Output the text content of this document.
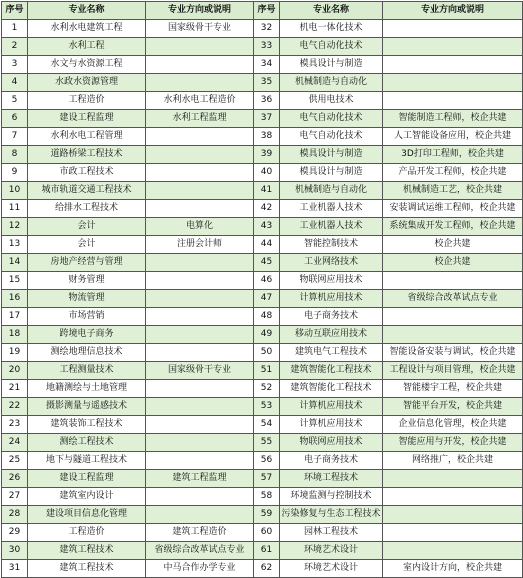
序号	专业名称	专业方向或说明	序号	专业名称	专业方向或说明
1	水利水电建筑工程	国家级骨干专业	32	机电一体化技术	
2	水利工程		33	电气自动化技术	
3	水文与水资源工程		34	模具设计与制造	
4	水政水资源管理		35	机械制造与自动化	
5	工程造价	水利水电工程造价	36	供用电技术	
6	建设工程监理	水利工程监理	37	电气自动化技术	智能制造工程师，校企共建
7	水利水电工程管理		38	电气自动化技术	人工智能设备应用，校企共建
8	道路桥梁工程技术		39	模具设计与制造	3D打印工程师，校企共建
9	市政工程技术		40	模具设计与制造	产品开发工程师，校企共建
10	城市轨道交通工程技术		41	机械制造与自动化	机械制造工艺，校企共建
11	给排水工程技术		42	工业机器人技术	安装调试运维工程师，校企共建
12	会计	电算化	43	工业机器人技术	系统集成开发工程师，校企共建
13	会计	注册会计师	44	智能控制技术	校企共建
14	房地产经营与管理		45	工业网络技术	校企共建
15	财务管理		46	物联网应用技术	
16	物流管理		47	计算机应用技术	省级综合改革试点专业
17	市场营销		48	电子商务技术	
18	跨境电子商务		49	移动互联应用技术	
19	测绘地理信息技术		50	建筑电气工程技术	智能设备安装与调试，校企共建
20	工程测量技术	国家级骨干专业	51	建筑智能化工程技术	工程设计与项目管理，校企共建
21	地籍测绘与土地管理		52	建筑智能化工程技术	智能楼宇工程，校企共建
22	摄影测量与遥感技术		53	计算机应用技术	智能平台开发，校企共建
23	建筑装饰工程技术		54	计算机应用技术	企业信息化管理，校企共建
24	测绘工程技术		55	物联网应用技术	智能应用与开发，校企共建
25	地下与隧道工程技术		56	电子商务技术	网络推广，校企共建
26	建设工程监理	建筑工程监理	57	环境工程技术	
27	建筑室内设计		58	环境监测与控制技术	
28	建设项目信息化管理		59	污染修复与生态工程技术	
29	工程造价	建筑工程造价	60	园林工程技术	
30	建筑工程技术	省级综合改革试点专业	61	环境艺术设计	
31	建筑工程技术	中马合作办学专业	62	环境艺术设计	室内设计方向，校企共建
